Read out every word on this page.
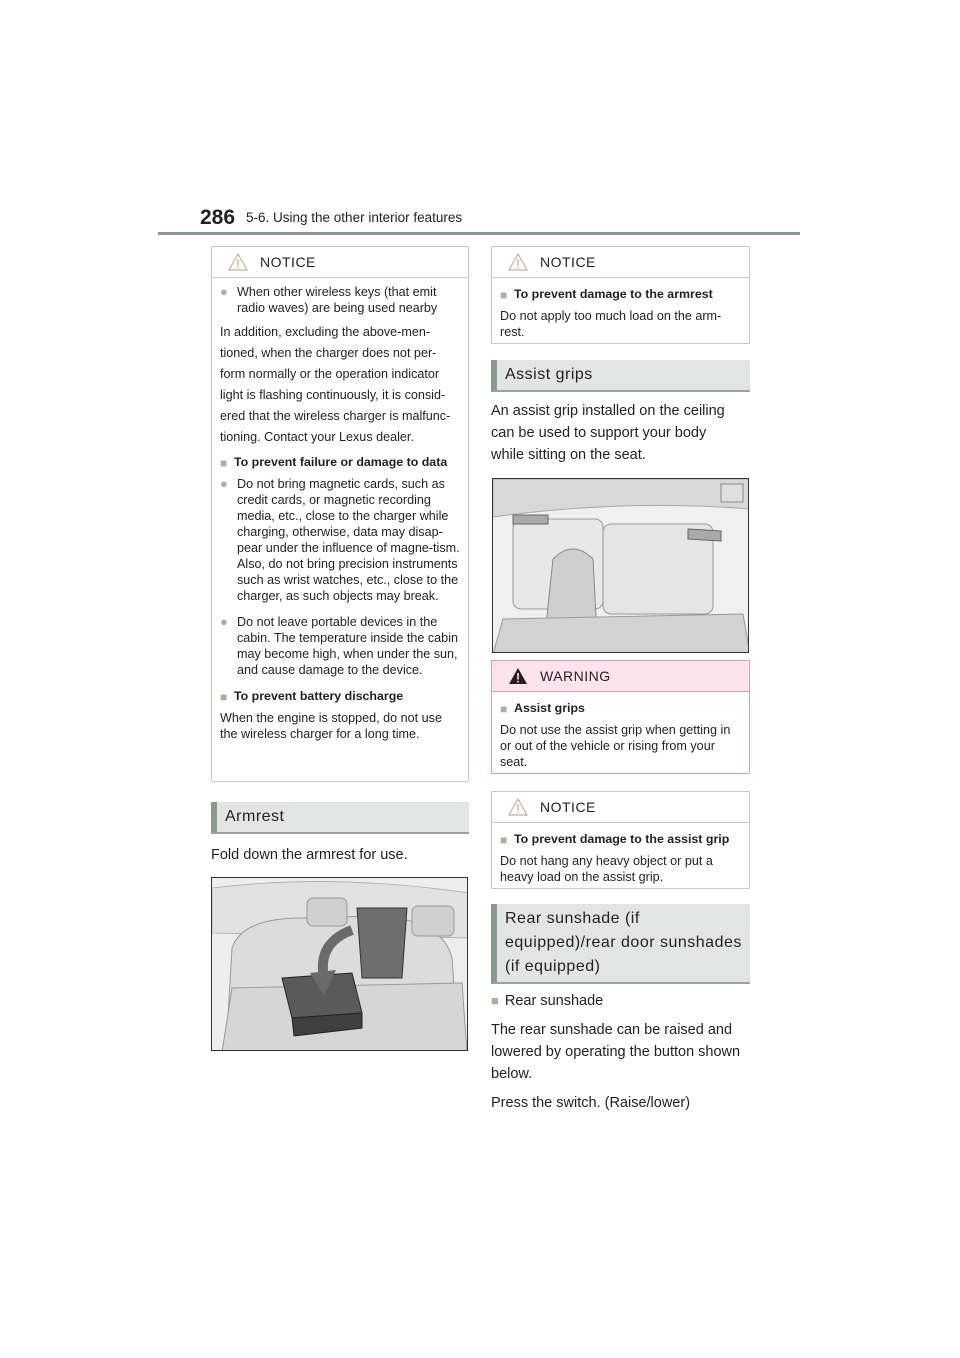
286 5-6. Using the other interior features
NOTICE
● When other wireless keys (that emit radio waves) are being used nearby

In addition, excluding the above-men-tioned, when the charger does not per-form normally or the operation indicator light is flashing continuously, it is consid-ered that the wireless charger is malfunc-tioning. Contact your Lexus dealer.

■ To prevent failure or damage to data
● Do not bring magnetic cards, such as credit cards, or magnetic recording media, etc., close to the charger while charging, otherwise, data may disap-pear under the influence of magne-tism. Also, do not bring precision instruments such as wrist watches, etc., close to the charger, as such objects may break.
● Do not leave portable devices in the cabin. The temperature inside the cabin may become high, when under the sun, and cause damage to the device.
■ To prevent battery discharge

When the engine is stopped, do not use the wireless charger for a long time.

Armrest
Fold down the armrest for use.
NOTICE
■ To prevent damage to the armrest

Do not apply too much load on the arm-rest.

Assist grips
An assist grip installed on the ceiling can be used to support your body while sitting on the seat.
WARNING
■ Assist grips

Do not use the assist grip when getting in or out of the vehicle or rising from your seat.

NOTICE
■ To prevent damage to the assist grip

Do not hang any heavy object or put a heavy load on the assist grip.

Rear sunshade (if
equipped)/rear door sunshades
(if equipped)
■ Rear sunshade
The rear sunshade can be raised and lowered by operating the button shown below.
Press the switch. (Raise/lower)
